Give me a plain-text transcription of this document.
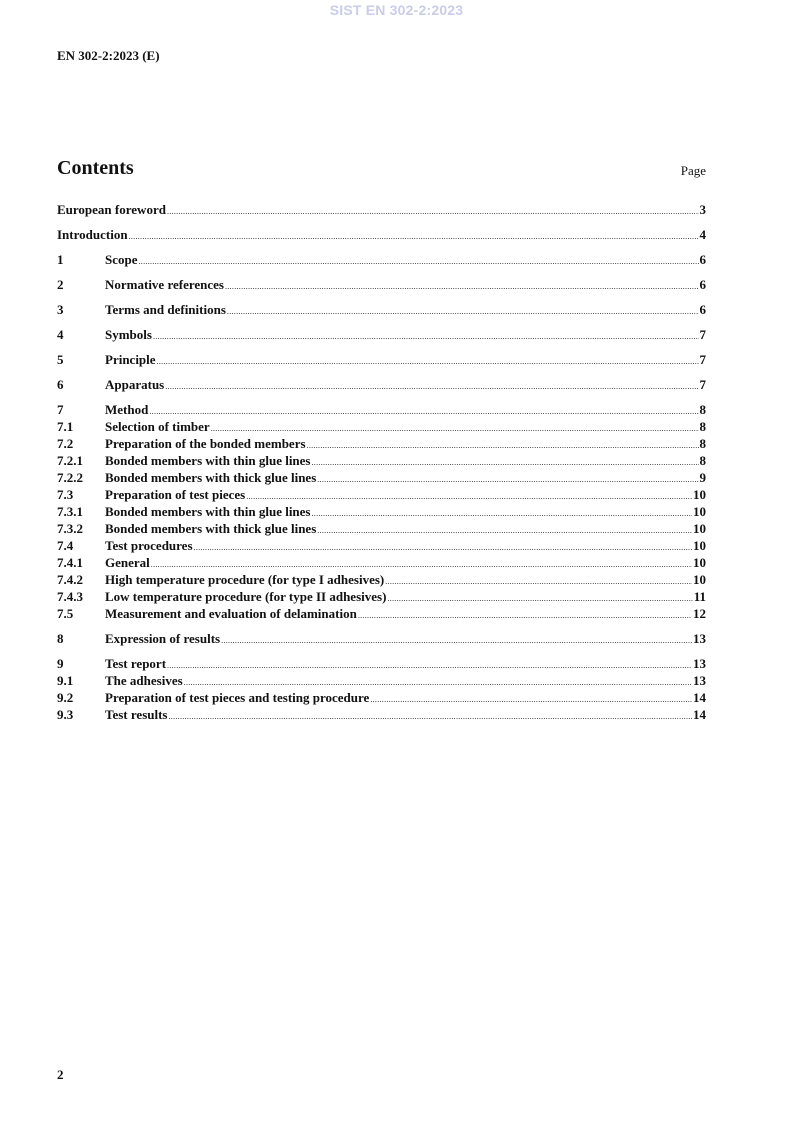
SIST EN 302-2:2023
EN 302-2:2023 (E)
Contents	Page
European foreword .....	3
Introduction .....	4
1	Scope .....	6
2	Normative references .....	6
3	Terms and definitions .....	6
4	Symbols .....	7
5	Principle .....	7
6	Apparatus .....	7
7	Method .....	8
7.1	Selection of timber .....	8
7.2	Preparation of the bonded members .....	8
7.2.1	Bonded members with thin glue lines .....	8
7.2.2	Bonded members with thick glue lines .....	9
7.3	Preparation of test pieces .....	10
7.3.1	Bonded members with thin glue lines .....	10
7.3.2	Bonded members with thick glue lines .....	10
7.4	Test procedures .....	10
7.4.1	General .....	10
7.4.2	High temperature procedure (for type I adhesives) .....	10
7.4.3	Low temperature procedure (for type II adhesives) .....	11
7.5	Measurement and evaluation of delamination .....	12
8	Expression of results .....	13
9	Test report .....	13
9.1	The adhesives .....	13
9.2	Preparation of test pieces and testing procedure .....	14
9.3	Test results .....	14
2
